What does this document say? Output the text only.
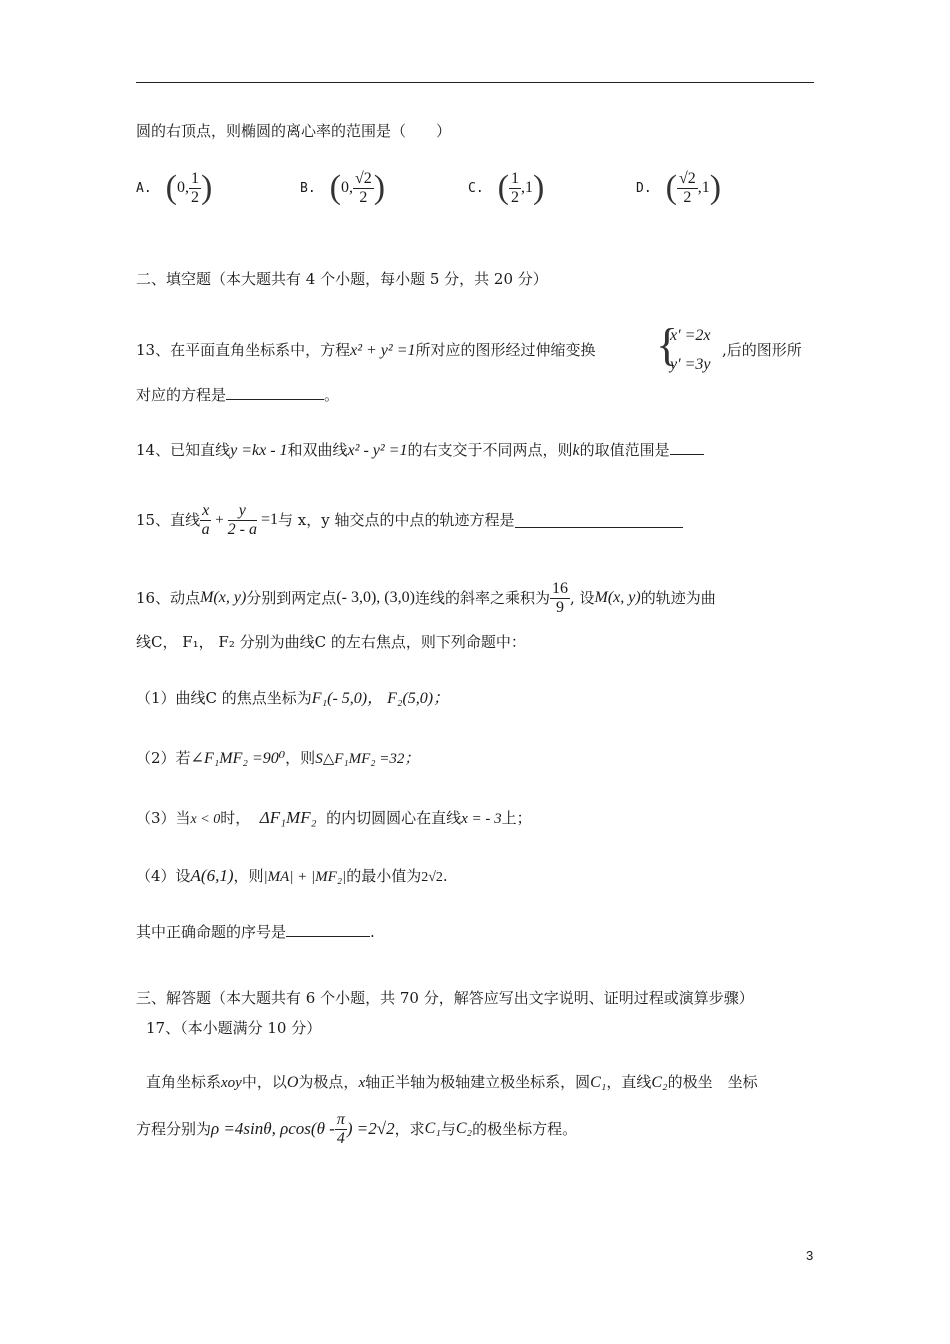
圆的右顶点，则椭圆的离心率的范围是（　　）
A. ( 0, $\frac{1}{2}$ )	B. ( 0, $\frac{√2}{2}$ )	C. ( $\frac{1}{2} ,1$ )	D. ( $\frac{√2}{2} ,1$ )
二、填空题（本大题共有 4 个小题，每小题 5 分，共 20 分）
13、在平面直角坐标系中，方程x² + y² =1所对应的图形经过伸缩变换 {
x′ =2x
y′ =3y
,后的图形所
对应的方程是	。
14、已知直线y =kx - 1和双曲线x² - y² =1的右支交于不同两点，则k的取值范围是
15、直线 $\frac{x}{a} + \frac{y}{2 - a} =1$ 与 x，y 轴交点的中点的轨迹方程是
16、动点 M(x, y) 分别到两定点 (- 3,0) , (3,0) 连线的斜率之乘积为 $\frac{16}{9}$ , 设 M(x, y) 的轨迹为曲
线C， F₁， F₂ 分别为曲线C 的左右焦点，则下列命题中：
（1）曲线C 的焦点坐标为F₁(- 5,0)， F₂(5,0)；
（2）若∠F₁MF₂ =90⁰，则S△F₁MF₂ =32；
（3）当x < 0时， ΔF₁MF₂ 的内切圆圆心在直线x = - 3上；
（4）设A(6,1)，则|MA| + |MF₂|的最小值为2√2.
其中正确命题的序号是	.
三、解答题（本大题共有 6 个小题，共 70 分，解答应写出文字说明、证明过程或演算步骤）
17、（本小题满分 10 分）
直角坐标系xoy中，以O为极点，x轴正半轴为极轴建立极坐标系，圆C₁，直线C₂的极坐　坐标
方程分别为 ρ =4sinθ, $\rho\cos(\theta - \frac{\pi}{4}$ ) =2√2 ，求 C₁ 与 C₂ 的极坐标方程。
3
